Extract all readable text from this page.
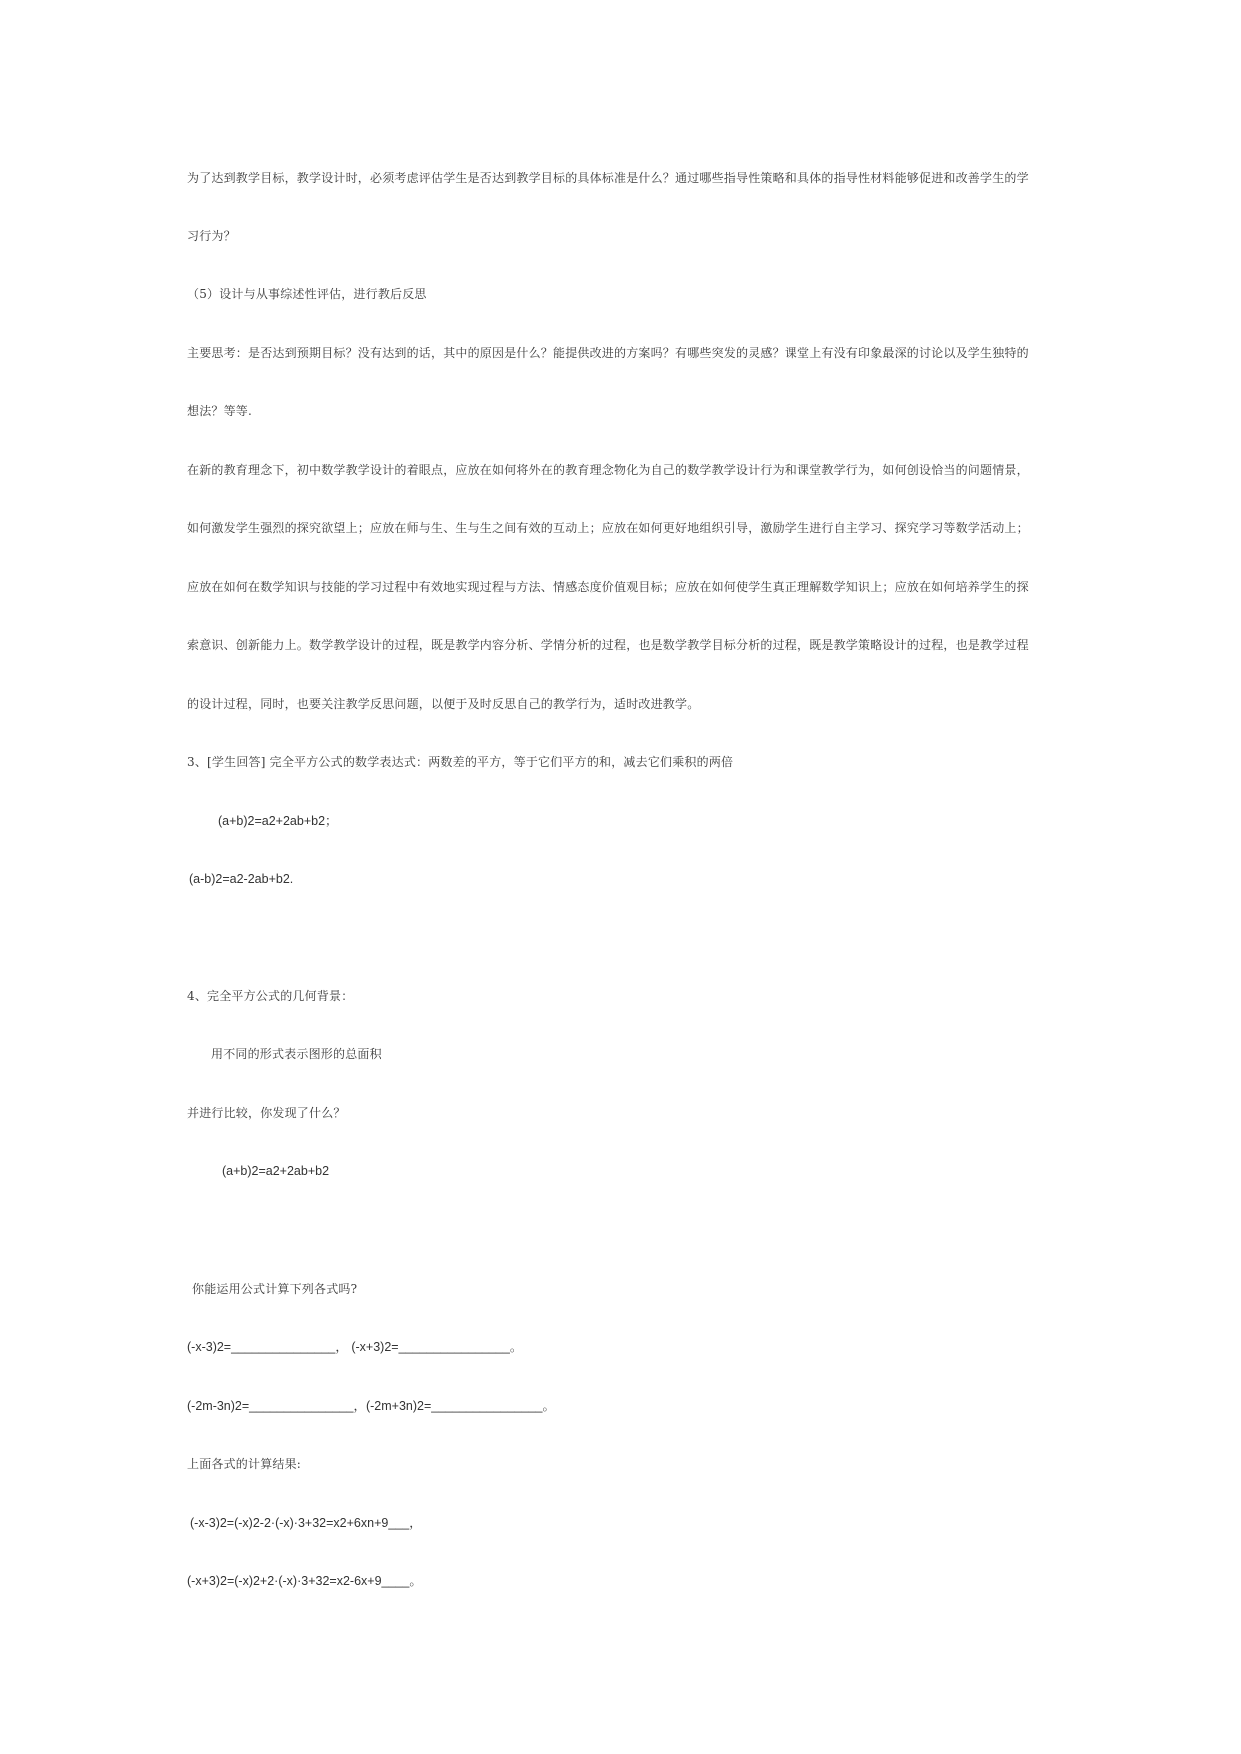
为了达到教学目标，教学设计时，必须考虑评估学生是否达到教学目标的具体标准是什么？通过哪些指导性策略和具体的指导性材料能够促进和改善学生的学
习行为？
（5）设计与从事综述性评估，进行教后反思
主要思考：是否达到预期目标？没有达到的话，其中的原因是什么？能提供改进的方案吗？有哪些突发的灵感？课堂上有没有印象最深的讨论以及学生独特的
想法？等等.
在新的教育理念下，初中数学教学设计的着眼点，应放在如何将外在的教育理念物化为自己的数学教学设计行为和课堂教学行为，如何创设恰当的问题情景，
如何激发学生强烈的探究欲望上；应放在师与生、生与生之间有效的互动上；应放在如何更好地组织引导，激励学生进行自主学习、探究学习等数学活动上；
应放在如何在数学知识与技能的学习过程中有效地实现过程与方法、情感态度价值观目标；应放在如何使学生真正理解数学知识上；应放在如何培养学生的探
索意识、创新能力上。数学教学设计的过程，既是教学内容分析、学情分析的过程，也是数学教学目标分析的过程，既是教学策略设计的过程，也是教学过程
的设计过程，同时，也要关注教学反思问题，以便于及时反思自己的教学行为，适时改进教学。
3、[学生回答] 完全平方公式的数学表达式：两数差的平方，等于它们平方的和，减去它们乘积的两倍
(a+b)2=a2+2ab+b2；
(a-b)2=a2-2ab+b2.
4、完全平方公式的几何背景：
用不同的形式表示图形的总面积
并进行比较，你发现了什么？
(a+b)2=a2+2ab+b2
你能运用公式计算下列各式吗?
(-x-3)2=_______________， (-x+3)2=________________。
(-2m-3n)2=_______________，(-2m+3n)2=________________。
上面各式的计算结果:
(-x-3)2=(-x)2-2·(-x)·3+32=x2+6xn+9___，
(-x+3)2=(-x)2+2·(-x)·3+32=x2-6x+9____。
